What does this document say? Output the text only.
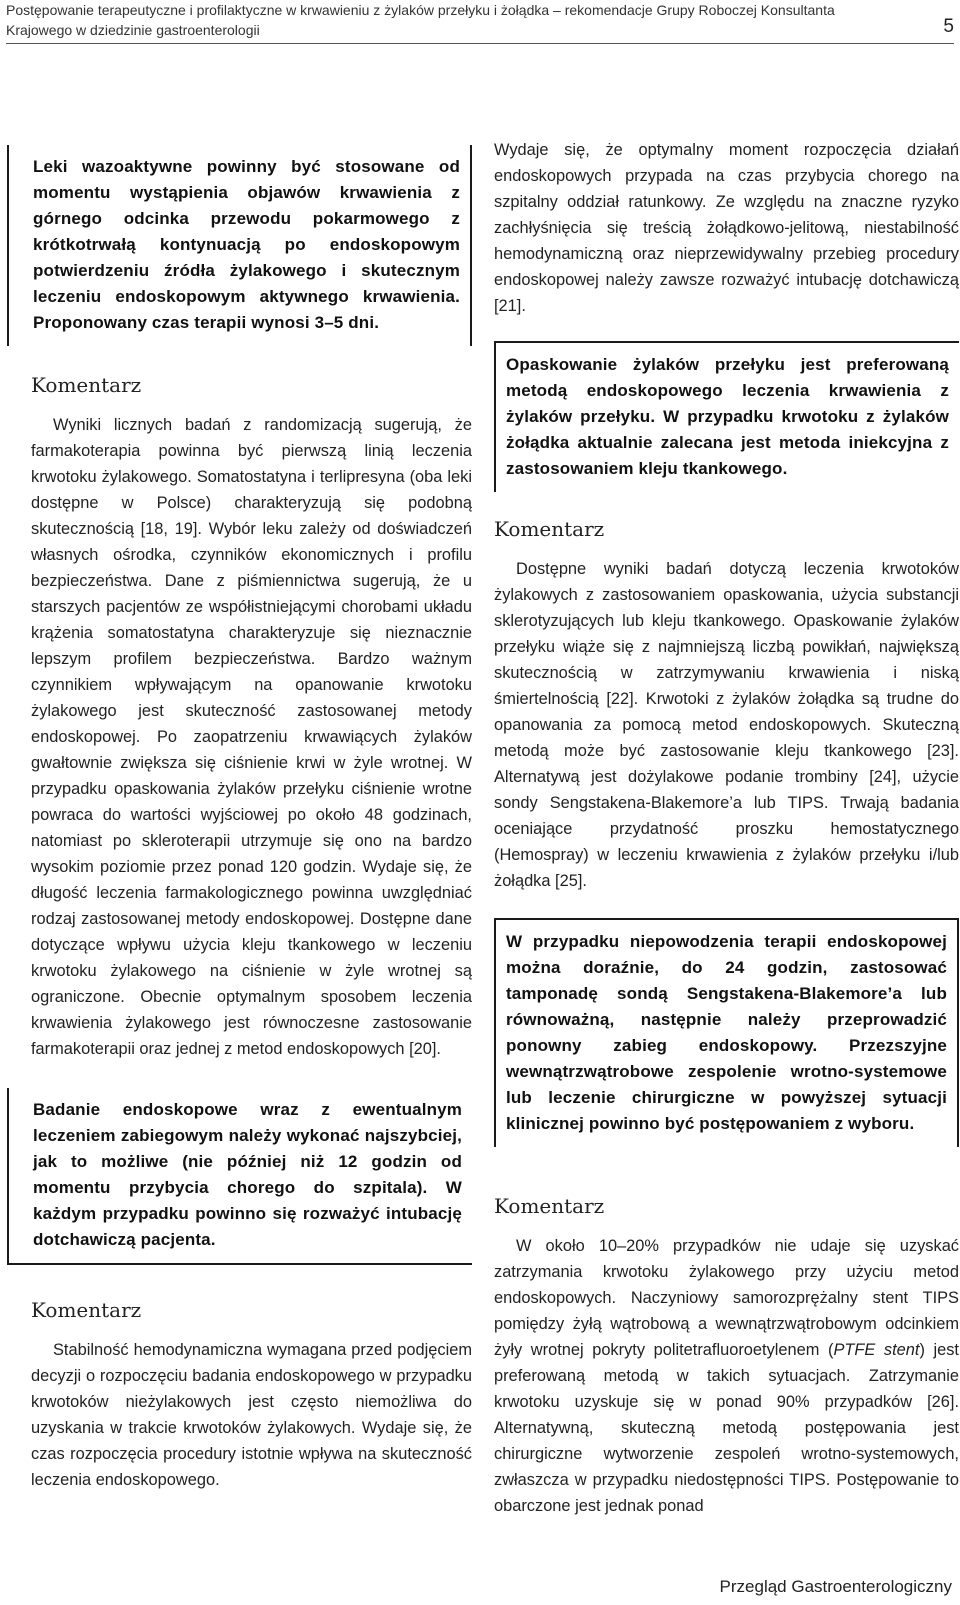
Postępowanie terapeutyczne i profilaktyczne w krwawieniu z żylaków przełyku i żołądka – rekomendacje Grupy Roboczej Konsultanta
Krajowego w dziedzinie gastroenterologii	5
Leki wazoaktywne powinny być stosowane od momentu wystąpienia objawów krwawienia z górnego odcinka przewodu pokarmowego z krótkotrwałą kontynuacją po endoskopowym potwierdzeniu źródła żylakowego i skutecznym leczeniu endoskopowym aktywnego krwawienia. Proponowany czas terapii wynosi 3–5 dni.
Komentarz

Wyniki licznych badań z randomizacją sugerują, że farmakoterapia powinna być pierwszą linią leczenia krwotoku żylakowego. Somatostatyna i terlipresyna (oba leki dostępne w Polsce) charakteryzują się podobną skutecznością [18, 19]. Wybór leku zależy od doświadczeń własnych ośrodka, czynników ekonomicznych i profilu bezpieczeństwa. Dane z piśmiennictwa sugerują, że u starszych pacjentów ze współistniejącymi chorobami układu krążenia somatostatyna charakteryzuje się nieznacznie lepszym profilem bezpieczeństwa. Bardzo ważnym czynnikiem wpływającym na opanowanie krwotoku żylakowego jest skuteczność zastosowanej metody endoskopowej. Po zaopatrzeniu krwawiących żylaków gwałtownie zwiększa się ciśnienie krwi w żyle wrotnej. W przypadku opaskowania żylaków przełyku ciśnienie wrotne powraca do wartości wyjściowej po około 48 godzinach, natomiast po skleroterapii utrzymuje się ono na bardzo wysokim poziomie przez ponad 120 godzin. Wydaje się, że długość leczenia farmakologicznego powinna uwzględniać rodzaj zastosowanej metody endoskopowej. Dostępne dane dotyczące wpływu użycia kleju tkankowego w leczeniu krwotoku żylakowego na ciśnienie w żyle wrotnej są ograniczone. Obecnie optymalnym sposobem leczenia krwawienia żylakowego jest równoczesne zastosowanie farmakoterapii oraz jednej z metod endoskopowych [20].

Badanie endoskopowe wraz z ewentualnym leczeniem zabiegowym należy wykonać najszybciej, jak to możliwe (nie później niż 12 godzin od momentu przybycia chorego do szpitala). W każdym przypadku powinno się rozważyć intubację dotchawiczą pacjenta.
Komentarz

Stabilność hemodynamiczna wymagana przed podjęciem decyzji o rozpoczęciu badania endoskopowego w przypadku krwotoków nieżylakowych jest często niemożliwa do uzyskania w trakcie krwotoków żylakowych. Wydaje się, że czas rozpoczęcia procedury istotnie wpływa na skuteczność leczenia endoskopowego.

Wydaje się, że optymalny moment rozpoczęcia działań endoskopowych przypada na czas przybycia chorego na szpitalny oddział ratunkowy. Ze względu na znaczne ryzyko zachłyśnięcia się treścią żołądkowo-jelitową, niestabilność hemodynamiczną oraz nieprzewidywalny przebieg procedury endoskopowej należy zawsze rozważyć intubację dotchawiczą [21].

Opaskowanie żylaków przełyku jest preferowaną metodą endoskopowego leczenia krwawienia z żylaków przełyku. W przypadku krwotoku z żylaków żołądka aktualnie zalecana jest metoda iniekcyjna z zastosowaniem kleju tkankowego.
Komentarz

Dostępne wyniki badań dotyczą leczenia krwotoków żylakowych z zastosowaniem opaskowania, użycia substancji sklerotyzujących lub kleju tkankowego. Opaskowanie żylaków przełyku wiąże się z najmniejszą liczbą powikłań, największą skutecznością w zatrzymywaniu krwawienia i niską śmiertelnością [22]. Krwotoki z żylaków żołądka są trudne do opanowania za pomocą metod endoskopowych. Skuteczną metodą może być zastosowanie kleju tkankowego [23]. Alternatywą jest dożylakowe podanie trombiny [24], użycie sondy Sengstakena-Blakemore’a lub TIPS. Trwają badania oceniające przydatność proszku hemostatycznego (Hemospray) w leczeniu krwawienia z żylaków przełyku i/lub żołądka [25].

W przypadku niepowodzenia terapii endoskopowej można doraźnie, do 24 godzin, zastosować tamponadę sondą Sengstakena-Blakemore’a lub równoważną, następnie należy przeprowadzić ponowny zabieg endoskopowy. Przezszyjne wewnątrzwątrobowe zespolenie wrotno-systemowe lub leczenie chirurgiczne w powyższej sytuacji klinicznej powinno być postępowaniem z wyboru.
Komentarz

W około 10–20% przypadków nie udaje się uzyskać zatrzymania krwotoku żylakowego przy użyciu metod endoskopowych. Naczyniowy samorozprężalny stent TIPS pomiędzy żyłą wątrobową a wewnątrzwątrobowym odcinkiem żyły wrotnej pokryty politetrafluoroetylenem (PTFE stent) jest preferowaną metodą w takich sytuacjach. Zatrzymanie krwotoku uzyskuje się w ponad 90% przypadków [26]. Alternatywną, skuteczną metodą postępowania jest chirurgiczne wytworzenie zespoleń wrotno-systemowych, zwłaszcza w przypadku niedostępności TIPS. Postępowanie to obarczone jest jednak ponad

Przegląd Gastroenterologiczny
